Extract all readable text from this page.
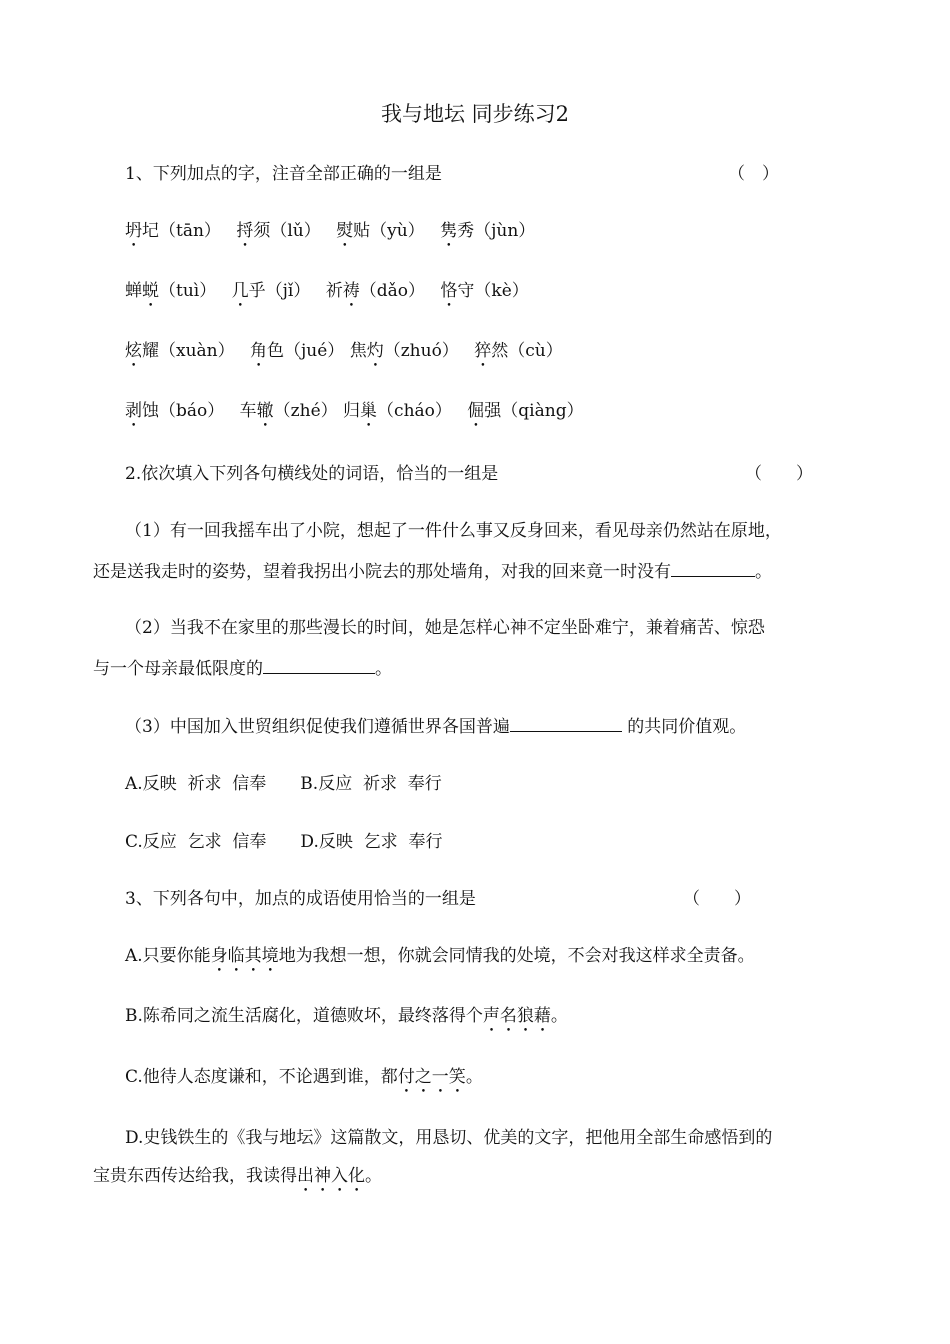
我与地坛 同步练习2
1、下列加点的字，注音全部正确的一组是	（　）
坍圮（tān） 捋须（lǔ） 熨贴（yù） 隽秀（jùn）
蝉蜕（tuì） 几乎（jǐ） 祈祷（dǎo） 恪守（kè）
炫耀（xuàn） 角色（jué） 焦灼（zhuó） 猝然（cù）
剥蚀（báo） 车辙（zhé） 归巢（cháo） 倔强（qiàng）
2.依次填入下列各句横线处的词语，恰当的一组是	（　　）
（1）有一回我摇车出了小院，想起了一件什么事又反身回来，看见母亲仍然站在原地，
还是送我走时的姿势，望着我拐出小院去的那处墙角，对我的回来竟一时没有	。
（2）当我不在家里的那些漫长的时间，她是怎样心神不定坐卧难宁，兼着痛苦、惊恐
与一个母亲最低限度的	。
（3）中国加入世贸组织促使我们遵循世界各国普遍	的共同价值观。
A.反映  祈求  信奉 B.反应  祈求  奉行
C.反应  乞求  信奉 D.反映  乞求  奉行
3、下列各句中，加点的成语使用恰当的一组是	（　　）
A.只要你能身临其境地为我想一想，你就会同情我的处境，不会对我这样求全责备。
B.陈希同之流生活腐化，道德败坏，最终落得个声名狼藉。
C.他待人态度谦和，不论遇到谁，都付之一笑。
D.史钱铁生的《我与地坛》这篇散文，用恳切、优美的文字，把他用全部生命感悟到的
宝贵东西传达给我，我读得出神入化。
